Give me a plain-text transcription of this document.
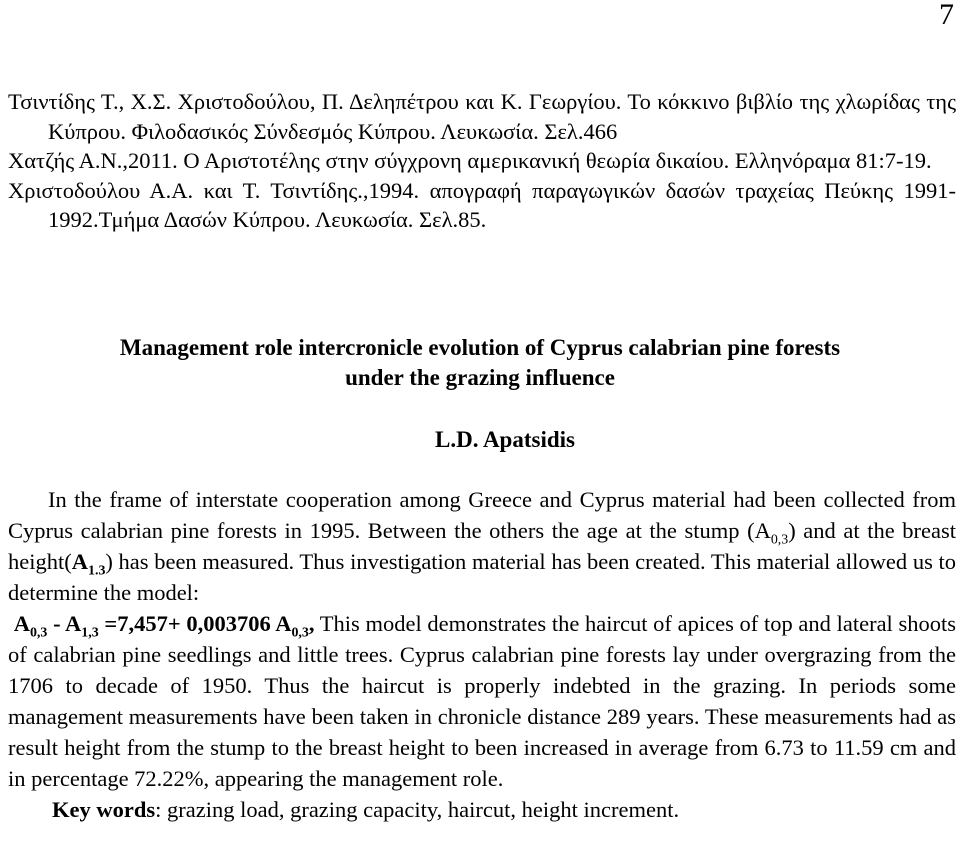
7

Τσιντίδης Τ., Χ.Σ. Χριστοδούλου, Π. Δεληπέτρου και Κ. Γεωργίου. Το κόκκινο βιβλίο της χλωρίδας της Κύπρου. Φιλοδασικός Σύνδεσμός Κύπρου. Λευκωσία. Σελ.466

Χατζής Α.Ν.,2011. Ο Αριστοτέλης στην σύγχρονη αμερικανική θεωρία δικαίου. Ελληνόραμα 81:7-19.

Χριστοδούλου Α.Α. και Τ. Τσιντίδης.,1994. απογραφή παραγωγικών δασών τραχείας Πεύκης 1991-1992.Τμήμα Δασών Κύπρου. Λευκωσία. Σελ.85.

Management role intercronicle evolution of Cyprus calabrian pine forests
under the grazing influence
L.D. Apatsidis

In the frame of interstate cooperation among Greece and Cyprus material had been collected from Cyprus calabrian pine forests in 1995. Between the others the age at the stump $(A_{0,3})$ and at the breast $height(A_{1.3})$ has been measured. Thus investigation material has been created. This material allowed us to determine the model:

$A_{0,3} - A_{1,3} =7,457+ 0,003706$ $A_{0,3}$, This model demonstrates the haircut of apices of top and lateral shoots of calabrian pine seedlings and little trees. Cyprus calabrian pine forests lay under overgrazing from the 1706 to decade of 1950. Thus the haircut is properly indebted in the grazing. In periods some management measurements have been taken in chronicle distance 289 years. These measurements had as result height from the stump to the breast height to been increased in average from 6.73 to 11.59 cm and in percentage 72.22%, appearing the management role.

Key words: grazing load, grazing capacity, haircut, height increment.
